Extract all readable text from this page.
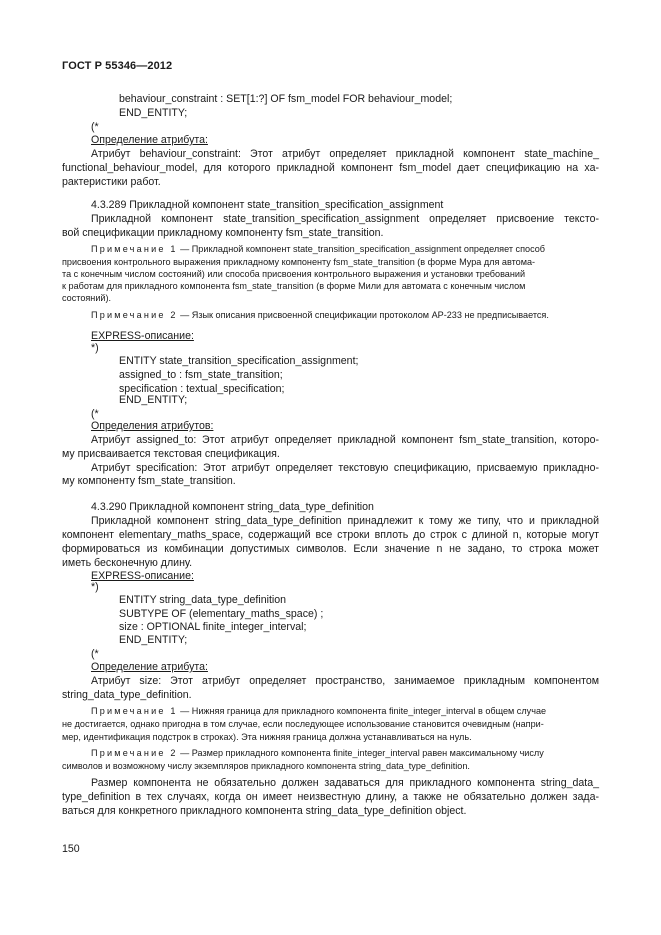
ГОСТ Р 55346—2012
behaviour_constraint : SET[1:?] OF fsm_model FOR behaviour_model;
END_ENTITY;
(*
Определение атрибута:
Атрибут behaviour_constraint: Этот атрибут определяет прикладной компонент state_machine_
functional_behaviour_model, для которого прикладной компонент fsm_model дает спецификацию на ха-
рактеристики работ.
4.3.289 Прикладной компонент state_transition_specification_assignment
Прикладной компонент state_transition_specification_assignment определяет присвоение тексто-
вой спецификации прикладному компоненту fsm_state_transition.
Примечание 1 — Прикладной компонент state_transition_specification_assignment определяет способ
присвоения контрольного выражения прикладному компоненту fsm_state_transition (в форме Мура для автома-
та с конечным числом состояний) или способа присвоения контрольного выражения и установки требований
к работам для прикладного компонента fsm_state_transition (в форме Мили для автомата с конечным числом
состояний).
Примечание 2 — Язык описания присвоенной спецификации протоколом АР-233 не предписывается.
EXPRESS-описание:
*)
ENTITY state_transition_specification_assignment;
assigned_to : fsm_state_transition;
specification : textual_specification;
END_ENTITY;
(*
Определения атрибутов:
Атрибут assigned_to: Этот атрибут определяет прикладной компонент fsm_state_transition, которо-
му присваивается текстовая спецификация.
Атрибут specification: Этот атрибут определяет текстовую спецификацию, присваемую прикладно-
му компоненту fsm_state_transition.
4.3.290 Прикладной компонент string_data_type_definition
Прикладной компонент string_data_type_definition принадлежит к тому же типу, что и прикладной
компонент elementary_maths_space, содержащий все строки вплоть до строк с длиной n, которые могут
формироваться из комбинации допустимых символов. Если значение n не задано, то строка может
иметь бесконечную длину.
EXPRESS-описание:
*)
ENTITY string_data_type_definition
SUBTYPE OF (elementary_maths_space) ;
size : OPTIONAL finite_integer_interval;
END_ENTITY;
(*
Определение атрибута:
Атрибут size: Этот атрибут определяет пространство, занимаемое прикладным компонентом
string_data_type_definition.
Примечание 1 — Нижняя граница для прикладного компонента finite_integer_interval в общем случае
не достигается, однако пригодна в том случае, если последующее использование становится очевидным (напри-
мер, идентификация подстрок в строках). Эта нижняя граница должна устанавливаться на нуль.
Примечание 2 — Размер прикладного компонента finite_integer_interval равен максимальному числу
символов и возможному числу экземпляров прикладного компонента string_data_type_definition.
Размер компонента не обязательно должен задаваться для прикладного компонента string_data_
type_definition в тех случаях, когда он имеет неизвестную длину, а также не обязательно должен зада-
ваться для конкретного прикладного компонента string_data_type_definition object.
150
